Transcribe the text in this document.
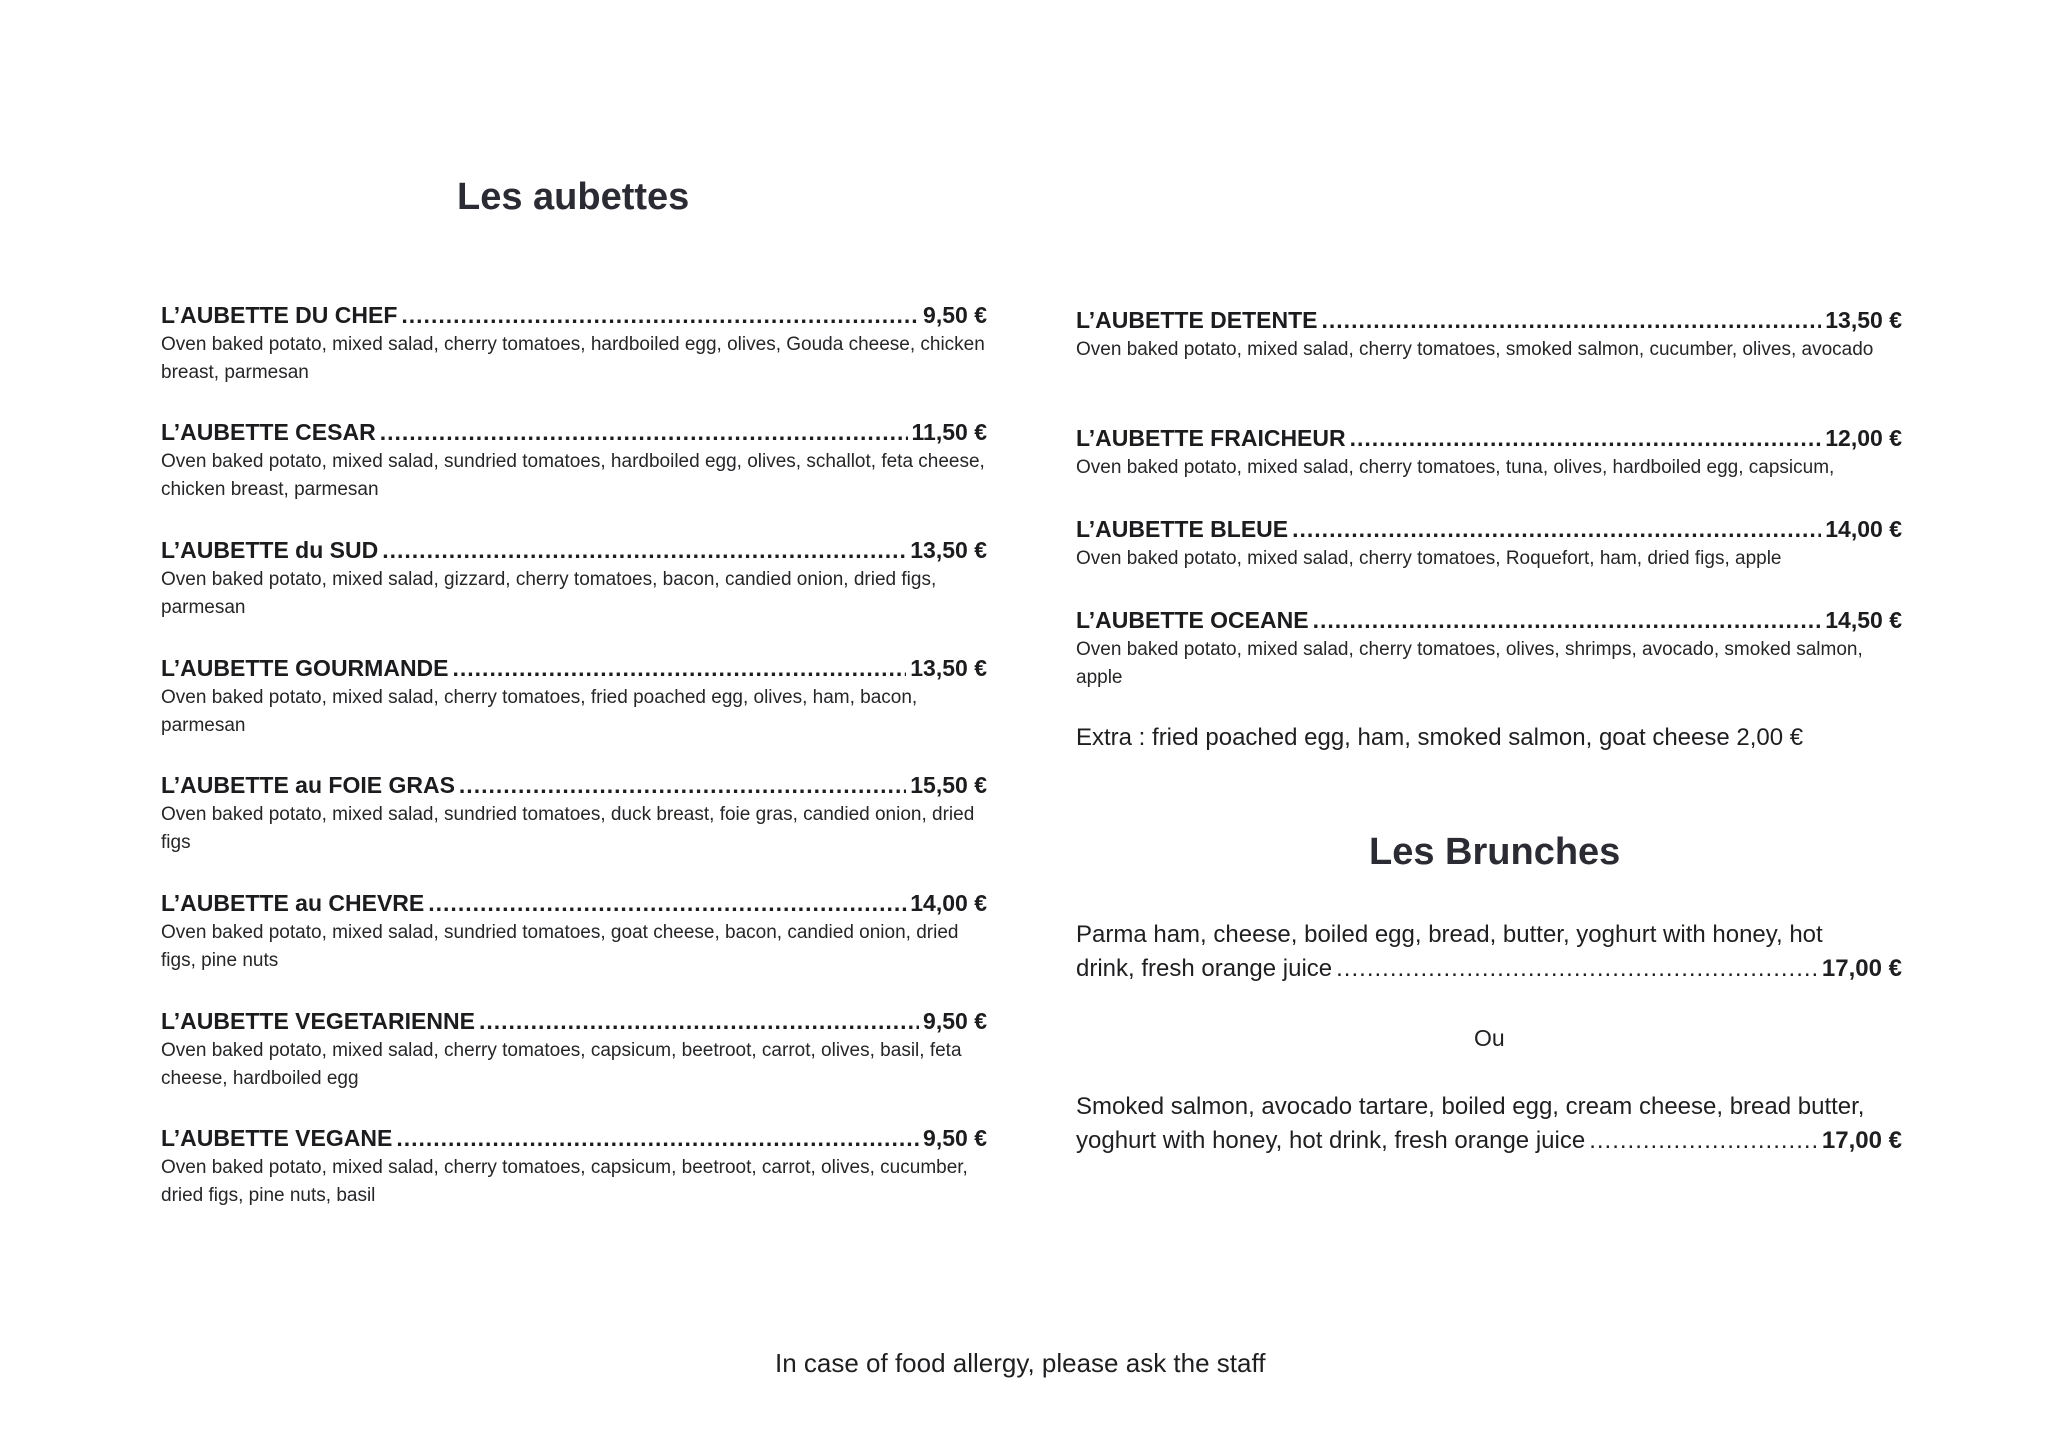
Les aubettes
L’AUBETTE DU CHEF .....	9,50 €
Oven baked potato, mixed salad, cherry tomatoes, hardboiled egg, olives, Gouda cheese, chicken breast, parmesan
L’AUBETTE CESAR .....	11,50 €
Oven baked potato, mixed salad, sundried tomatoes, hardboiled egg, olives, schallot, feta cheese, chicken breast, parmesan
L’AUBETTE du SUD .....	13,50 €
Oven baked potato, mixed salad, gizzard, cherry tomatoes, bacon, candied onion, dried figs, parmesan
L’AUBETTE GOURMANDE .....	13,50 €
Oven baked potato, mixed salad, cherry tomatoes, fried poached egg, olives, ham, bacon, parmesan
L’AUBETTE au FOIE GRAS .....	15,50 €
Oven baked potato, mixed salad, sundried tomatoes, duck breast, foie gras, candied onion, dried figs
L’AUBETTE au CHEVRE .....	14,00 €
Oven baked potato, mixed salad, sundried tomatoes, goat cheese, bacon, candied onion, dried figs, pine nuts
L’AUBETTE VEGETARIENNE .....	9,50 €
Oven baked potato, mixed salad, cherry tomatoes, capsicum, beetroot, carrot, olives, basil, feta cheese, hardboiled egg
L’AUBETTE VEGANE .....	9,50 €
Oven baked potato, mixed salad, cherry tomatoes, capsicum, beetroot, carrot, olives, cucumber, dried figs, pine nuts, basil
L’AUBETTE DETENTE .....	13,50 €
Oven baked potato, mixed salad, cherry tomatoes, smoked salmon, cucumber, olives, avocado
L’AUBETTE FRAICHEUR .....	12,00 €
Oven baked potato, mixed salad, cherry tomatoes, tuna, olives, hardboiled egg, capsicum,
L’AUBETTE BLEUE .....	14,00 €
Oven baked potato, mixed salad, cherry tomatoes, Roquefort, ham, dried figs, apple
L’AUBETTE OCEANE .....	14,50 €
Oven baked potato, mixed salad, cherry tomatoes, olives, shrimps, avocado, smoked salmon, apple
Extra : fried poached egg, ham, smoked salmon, goat cheese 2,00 €
Les Brunches
Parma ham, cheese, boiled egg, bread, butter, yoghurt with honey, hot
drink, fresh orange juice .....	17,00 €
Ou
Smoked salmon, avocado tartare, boiled egg, cream cheese, bread butter,
yoghurt with honey, hot drink, fresh orange juice .....	17,00 €
In case of food allergy, please ask the staff
